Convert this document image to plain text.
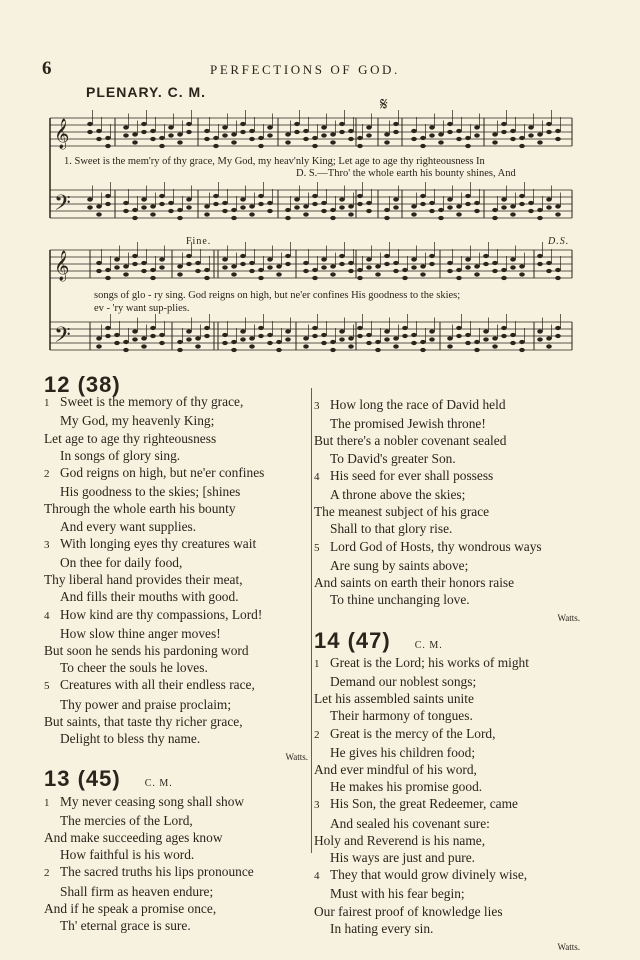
6	PERFECTIONS OF GOD.
PLENARY. C. M.
𝄞
𝄢
𝄞
𝄢
𝄋
1. Sweet is the mem'ry of thy grace, My God, my heav'nly King; Let age to age thy righteousness In
D. S.—Thro' the whole earth his bounty shines, And
Fine.	D.S.
songs of glo - ry sing. God reigns on high, but ne'er confines His goodness to the skies;
ev - 'ry want sup-plies.
12 (38)
1 Sweet is the memory of thy grace,
My God, my heavenly King;
Let age to age thy righteousness
In songs of glory sing.
2 God reigns on high, but ne'er confines
His goodness to the skies; [shines
Through the whole earth his bounty
And every want supplies.
3 With longing eyes thy creatures wait
On thee for daily food,
Thy liberal hand provides their meat,
And fills their mouths with good.
4 How kind are thy compassions, Lord!
How slow thine anger moves!
But soon he sends his pardoning word
To cheer the souls he loves.
5 Creatures with all their endless race,
Thy power and praise proclaim;
But saints, that taste thy richer grace,
Delight to bless thy name.
Watts.
13 (45) C. M.
1 My never ceasing song shall show
The mercies of the Lord,
And make succeeding ages know
How faithful is his word.
2 The sacred truths his lips pronounce
Shall firm as heaven endure;
And if he speak a promise once,
Th' eternal grace is sure.
3 How long the race of David held
The promised Jewish throne!
But there's a nobler covenant sealed
To David's greater Son.
4 His seed for ever shall possess
A throne above the skies;
The meanest subject of his grace
Shall to that glory rise.
5 Lord God of Hosts, thy wondrous ways
Are sung by saints above;
And saints on earth their honors raise
To thine unchanging love.
Watts.
14 (47) C. M.
1 Great is the Lord; his works of might
Demand our noblest songs;
Let his assembled saints unite
Their harmony of tongues.
2 Great is the mercy of the Lord,
He gives his children food;
And ever mindful of his word,
He makes his promise good.
3 His Son, the great Redeemer, came
And sealed his covenant sure:
Holy and Reverend is his name,
His ways are just and pure.
4 They that would grow divinely wise,
Must with his fear begin;
Our fairest proof of knowledge lies
In hating every sin.
Watts.
